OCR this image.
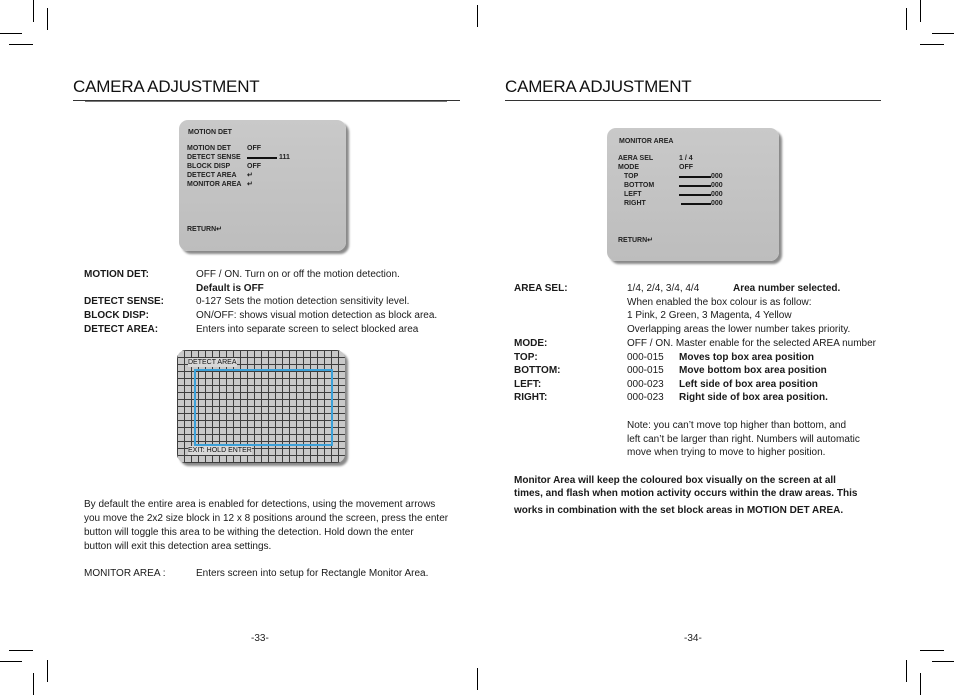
CAMERA ADJUSTMENT
MOTION DET
MOTION DET OFF
DETECT SENSE	111
BLOCK DISP OFF
DETECT AREA ↵
MONITOR AREA ↵
RETURN↵
MOTION DET:	OFF / ON. Turn on or off the motion detection.
Default is OFF
DETECT SENSE:	0-127 Sets the motion detection sensitivity level.
BLOCK DISP:	ON/OFF: shows visual motion detection as block area.
DETECT AREA:	Enters into separate screen to select blocked area
DETECT AREA
EXIT: HOLD ENTER
By default the entire area is enabled for detections, using the movement arrows
you move the 2x2 size block in 12 x 8 positions around the screen, press the enter
button will toggle this area to be withing the detection. Hold down the enter
button will exit this detection area settings.
MONITOR AREA :	Enters screen into setup for Rectangle Monitor Area.
-33-
CAMERA ADJUSTMENT
MONITOR AREA
AERA SEL	1 / 4
MODE	OFF
TOP	000
BOTTOM	000
LEFT	000
RIGHT	000
RETURN↵
AREA SEL:	1/4, 2/4, 3/4, 4/4	Area number selected.
When enabled the box colour is as follow:
1 Pink, 2 Green, 3 Magenta, 4 Yellow
Overlapping areas the lower number takes priority.
MODE:	OFF / ON. Master enable for the selected AREA number
TOP:	000-015 Moves top box area position
BOTTOM:	000-015 Move bottom box area position
LEFT:	000-023 Left side of box area position
RIGHT:	000-023 Right side of box area position.
Note: you can’t move top higher than bottom, and
left can’t be larger than right. Numbers will automatic
move when trying to move to higher position.
Monitor Area will keep the coloured box visually on the screen at all
times, and flash when motion activity occurs within the draw areas. This
works in combination with the set block areas in MOTION DET AREA.
-34-
